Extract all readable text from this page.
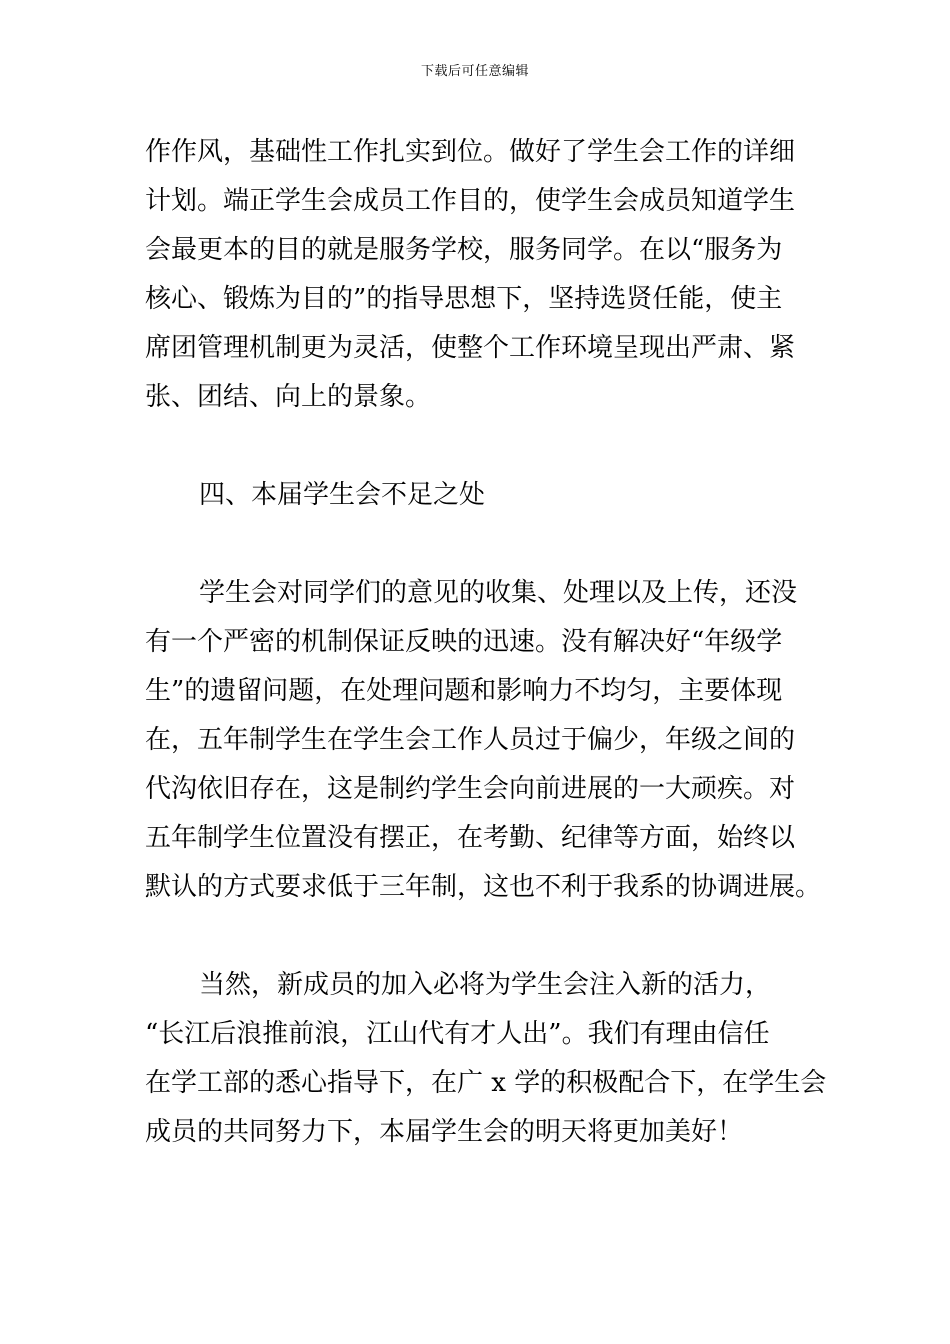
下载后可任意编辑
作作风，基础性工作扎实到位。做好了学生会工作的详细
计划。端正学生会成员工作目的，使学生会成员知道学生
会最更本的目的就是服务学校，服务同学。在以“服务为
核心、锻炼为目的”的指导思想下，坚持选贤任能，使主
席团管理机制更为灵活，使整个工作环境呈现出严肃、紧
张、团结、向上的景象。
四、本届学生会不足之处
学生会对同学们的意见的收集、处理以及上传，还没
有一个严密的机制保证反映的迅速。没有解决好“年级学
生”的遗留问题，在处理问题和影响力不均匀，主要体现
在，五年制学生在学生会工作人员过于偏少，年级之间的
代沟依旧存在，这是制约学生会向前进展的一大顽疾。对
五年制学生位置没有摆正，在考勤、纪律等方面，始终以
默认的方式要求低于三年制，这也不利于我系的协调进展。
当然，新成员的加入必将为学生会注入新的活力，
“长江后浪推前浪，江山代有才人出”。我们有理由信任
在学工部的悉心指导下，在广 x 学的积极配合下，在学生会
成员的共同努力下，本届学生会的明天将更加美好！
